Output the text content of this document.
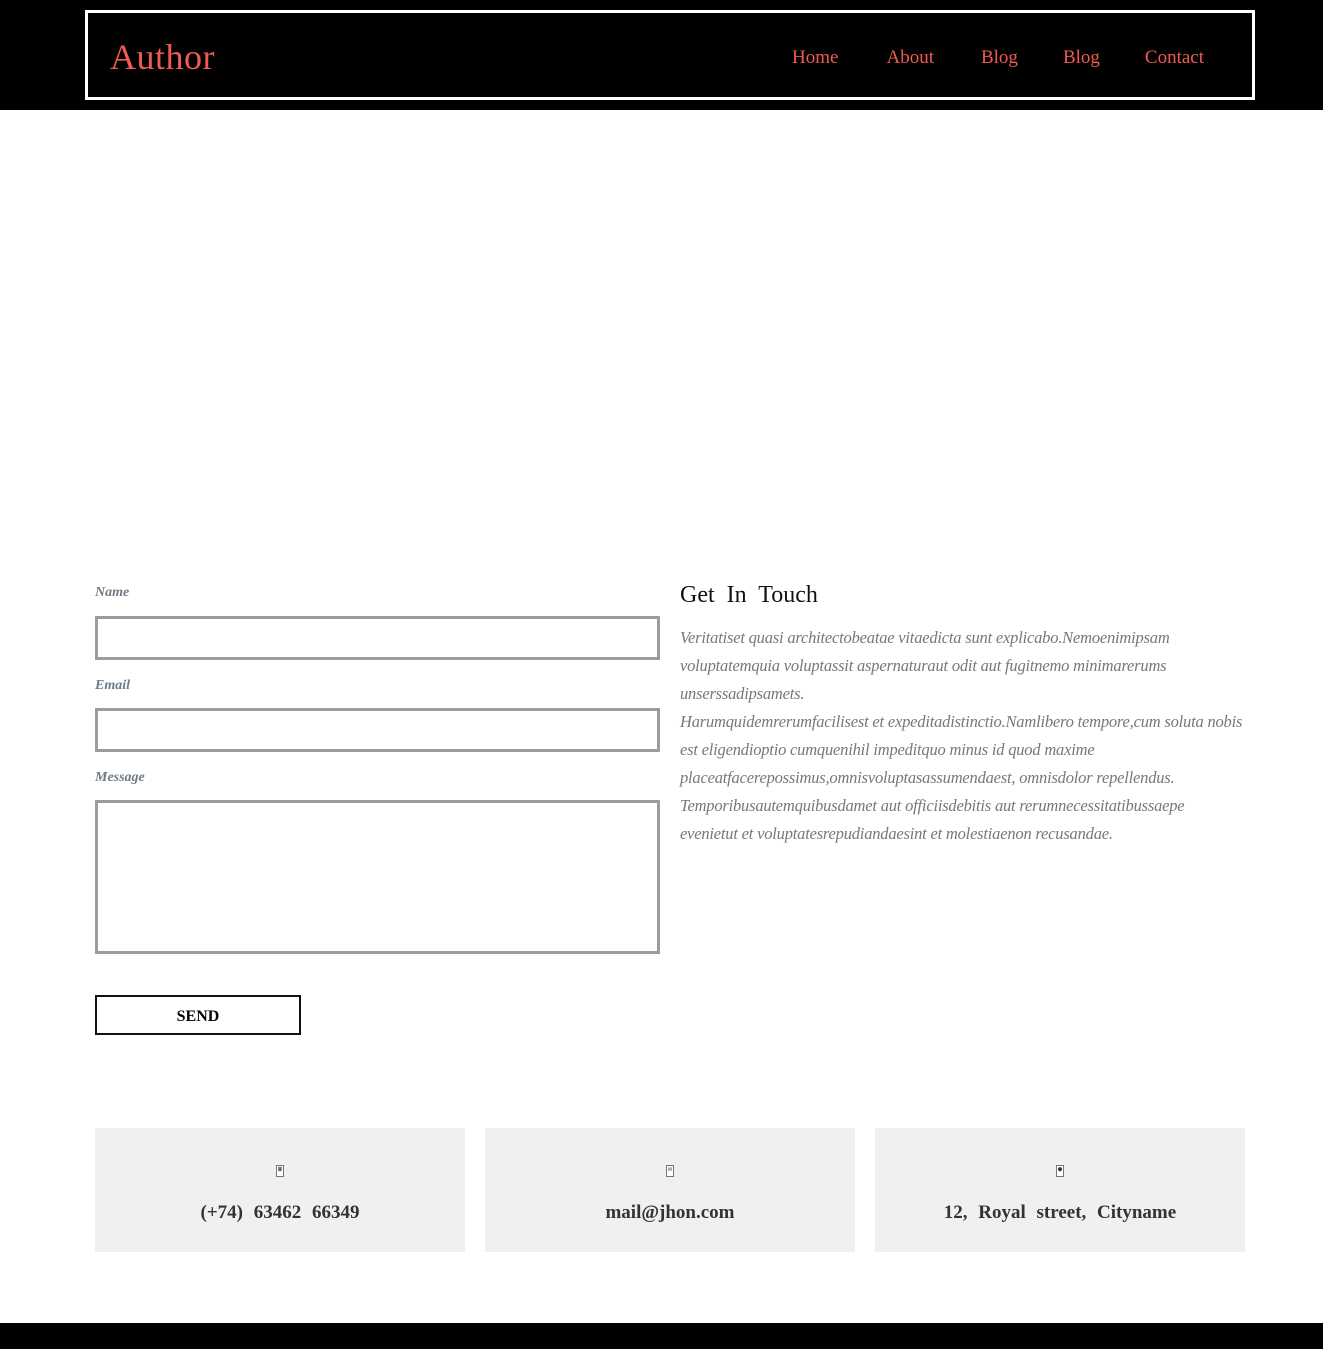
Author	Home	About Blog Blog Contact
Name
Email
Message
SEND
Get In Touch

Veritatiset quasi architectobeatae vitaedicta sunt explicabo.Nemoenimipsam voluptatemquia voluptassit aspernaturaut odit aut fugitnemo minimarerums unserssadipsamets.
Harumquidemrerumfacilisest et expeditadistinctio.Namlibero tempore,cum soluta nobis est eligendioptio cumquenihil impeditquo minus id quod maxime placeatfacerepossimus,omnisvoluptasassumendaest, omnisdolor repellendus. Temporibusautemquibusdamet aut officiisdebitis aut rerumnecessitatibussaepe evenietut et voluptatesrepudiandaesint et molestiaenon recusandae.

☎
(+74) 63462 66349
✉
mail@jhon.com
●
12, Royal street, Cityname
